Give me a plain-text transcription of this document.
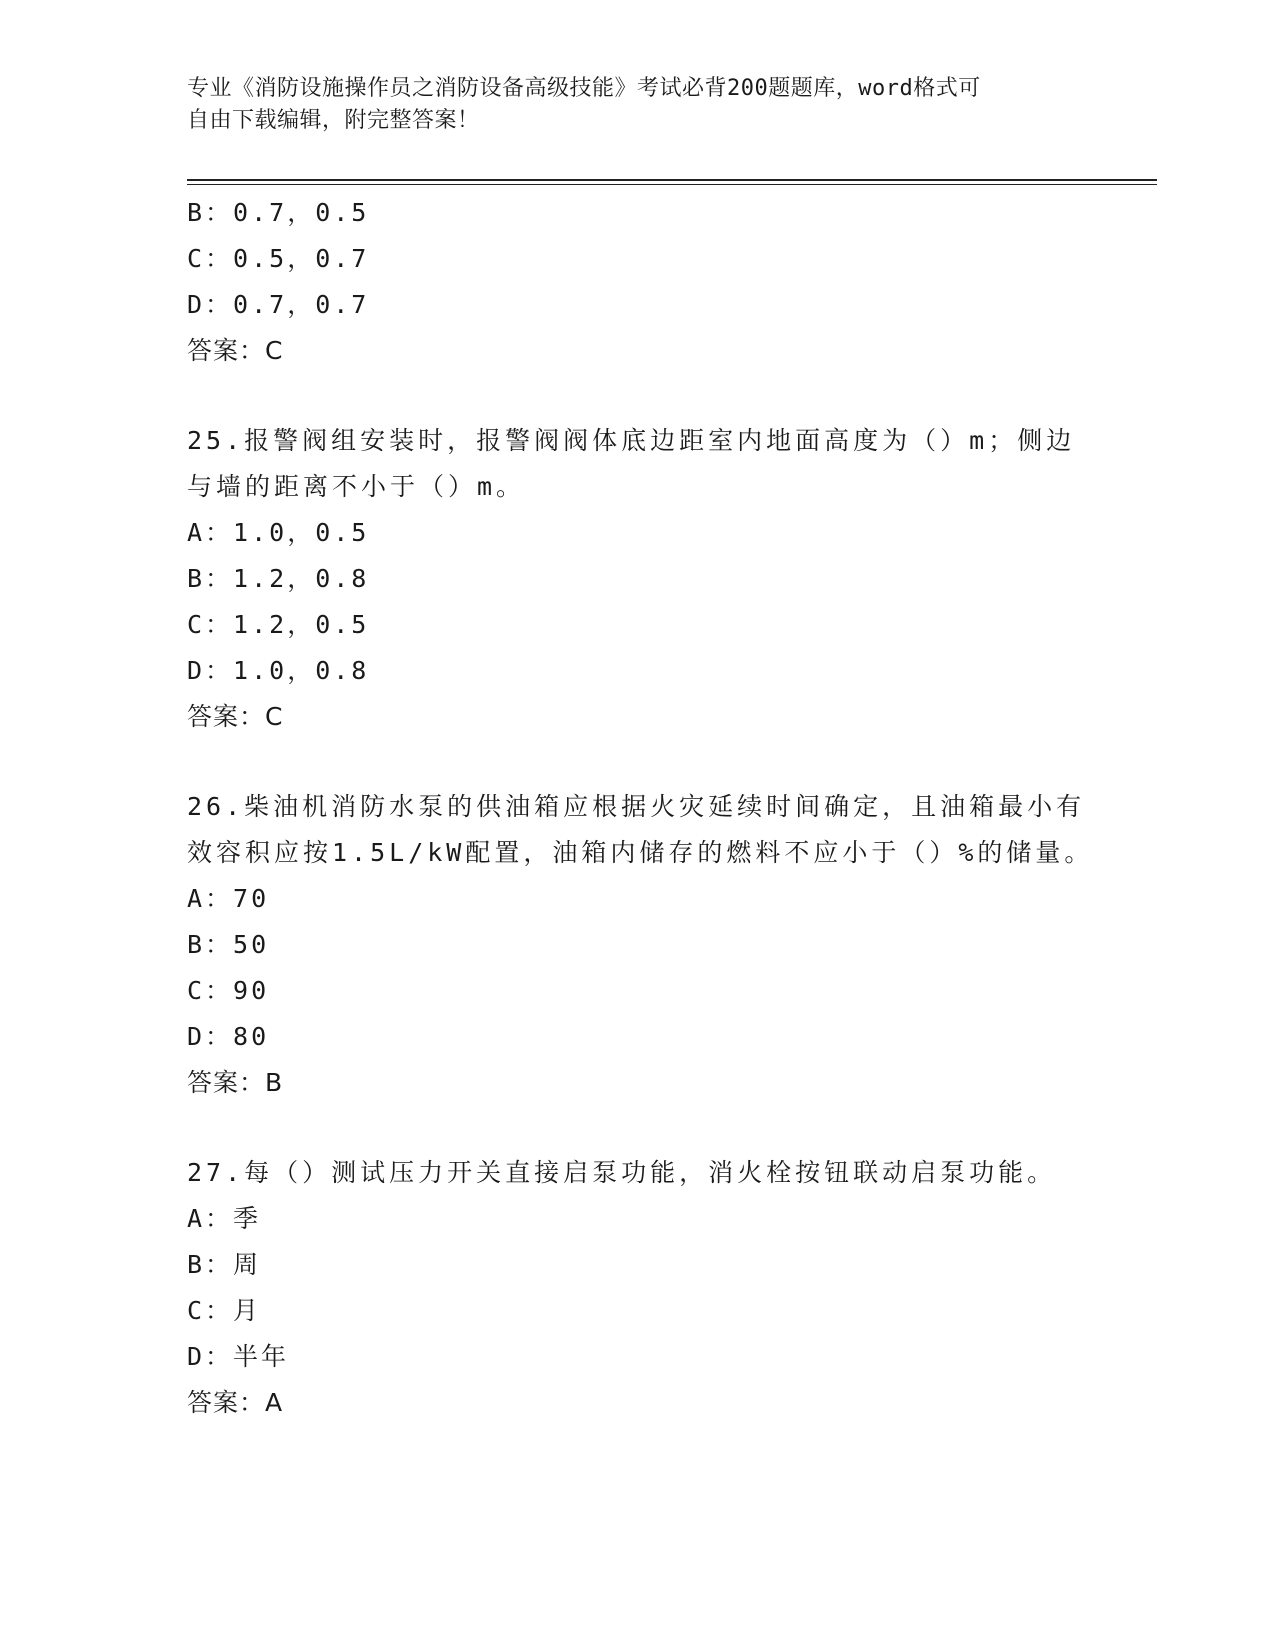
专业《消防设施操作员之消防设备高级技能》考试必背200题题库，word格式可
自由下载编辑，附完整答案！
B：0.7，0.5
C：0.5，0.7
D：0.7，0.7
答案：C
25.报警阀组安装时，报警阀阀体底边距室内地面高度为（）m；侧边
与墙的距离不小于（）m。
A：1.0，0.5
B：1.2，0.8
C：1.2，0.5
D：1.0，0.8
答案：C
26.柴油机消防水泵的供油箱应根据火灾延续时间确定，且油箱最小有
效容积应按1.5L/kW配置，油箱内储存的燃料不应小于（）%的储量。
A：70
B：50
C：90
D：80
答案：B
27.每（）测试压力开关直接启泵功能，消火栓按钮联动启泵功能。
A：季
B：周
C：月
D：半年
答案：A
